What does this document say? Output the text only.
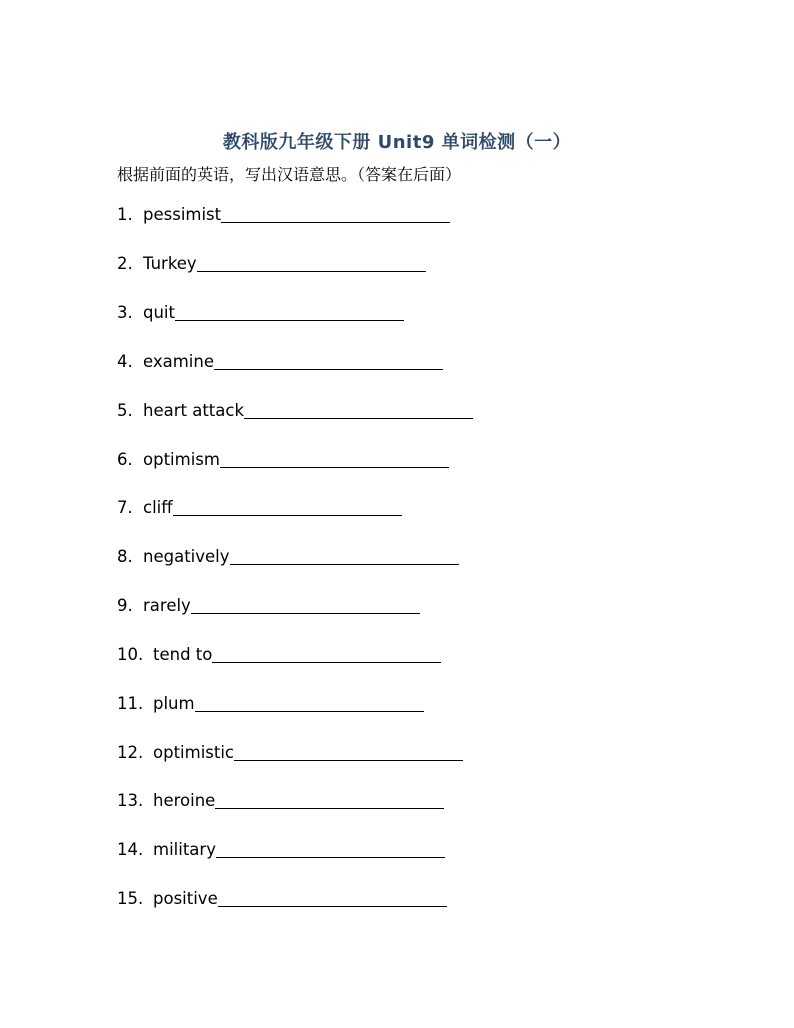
教科版九年级下册 Unit9 单词检测（一）
根据前面的英语，写出汉语意思。（答案在后面）
1. pessimist
2. Turkey
3. quit
4. examine
5. heart attack
6. optimism
7. cliff
8. negatively
9. rarely
10. tend to
11. plum
12. optimistic
13. heroine
14. military
15. positive
